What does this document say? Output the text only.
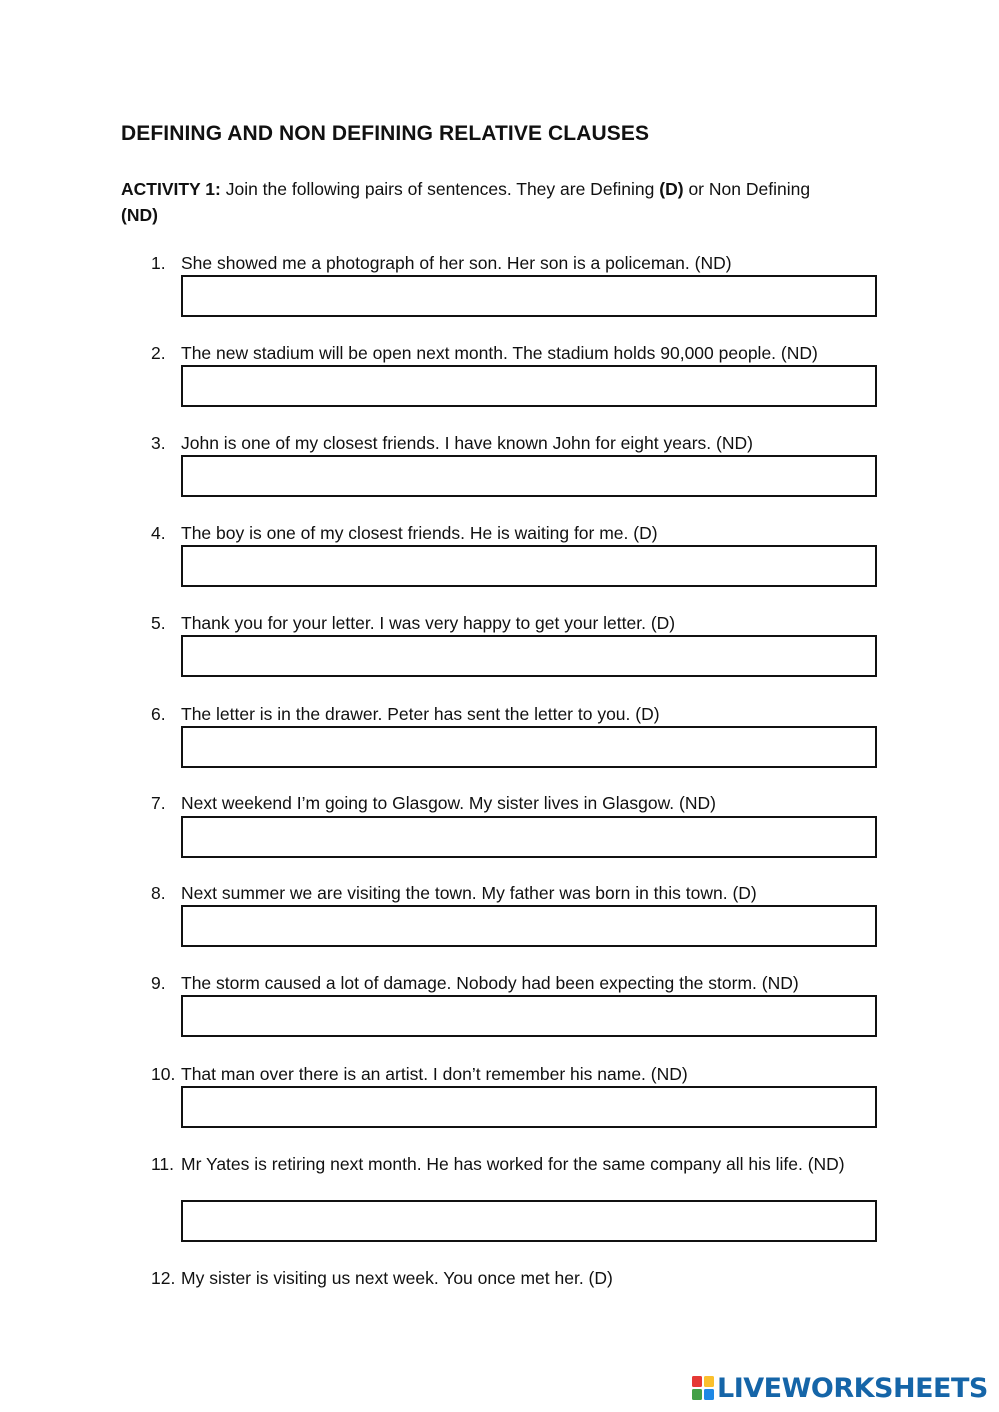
DEFINING AND NON DEFINING RELATIVE CLAUSES
ACTIVITY 1: Join the following pairs of sentences. They are Defining (D) or Non Defining
(ND)
1. She showed me a photograph of her son. Her son is a policeman. (ND)
2. The new stadium will be open next month. The stadium holds 90,000 people. (ND)
3. John is one of my closest friends. I have known John for eight years. (ND)
4. The boy is one of my closest friends. He is waiting for me. (D)
5. Thank you for your letter. I was very happy to get your letter. (D)
6. The letter is in the drawer. Peter has sent the letter to you. (D)
7. Next weekend I’m going to Glasgow. My sister lives in Glasgow. (ND)
8. Next summer we are visiting the town. My father was born in this town. (D)
9. The storm caused a lot of damage. Nobody had been expecting the storm. (ND)
10. That man over there is an artist. I don’t remember his name. (ND)
11. Mr Yates is retiring next month. He has worked for the same company all his life. (ND)
12. My sister is visiting us next week. You once met her. (D)
LIVEWORKSHEETS
